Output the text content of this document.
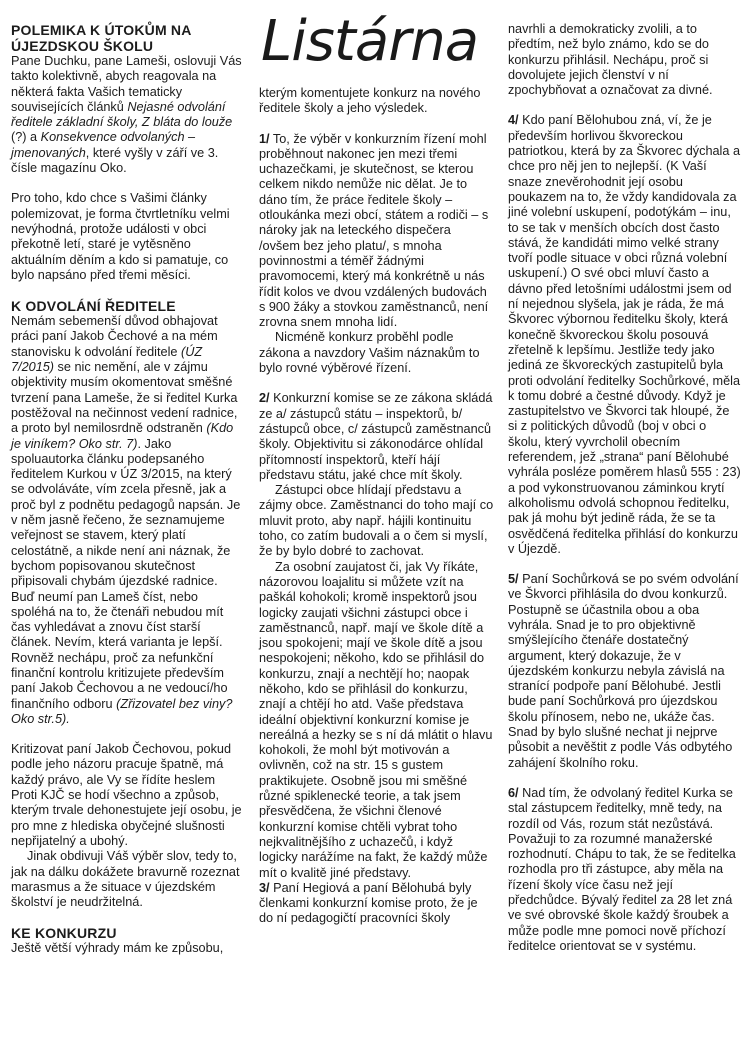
POLEMIKA K ÚTOKŮM NA ÚJEZDSKOU ŠKOLU

Pane Duchku, pane Lameši, oslovuji Vás takto kolektivně, abych reagovala na některá fakta Vašich tematicky souvisejících článků Nejasné odvolání ředitele základní školy, Z bláta do louže (?) a Konsekvence odvolaných – jmenovaných, které vyšly v září ve 3. čísle magazínu Oko.

Pro toho, kdo chce s Vašimi články polemizovat, je forma čtvrtletníku velmi nevýhodná, protože události v obci překotně letí, staré je vytěsněno aktuálním děním a kdo si pamatuje, co bylo napsáno před třemi měsíci.

K ODVOLÁNÍ ŘEDITELE

Nemám sebemenší důvod obhajovat práci paní Jakob Čechové a na mém stanovisku k odvolání ředitele (ÚZ 7/2015) se nic nemění, ale v zájmu objektivity musím okomentovat směšné tvrzení pana Lameše, že si ředitel Kurka postěžoval na nečinnost vedení radnice, a proto byl nemilosrdně odstraněn (Kdo je viníkem? Oko str. 7). Jako spoluautorka článku podepsaného ředitelem Kurkou v ÚZ 3/2015, na který se odvoláváte, vím zcela přesně, jak a proč byl z podnětu pedagogů napsán. Je v něm jasně řečeno, že seznamujeme veřejnost se stavem, který platí celostátně, a nikde není ani náznak, že bychom popisovanou skutečnost připisovali chybám újezdské radnice. Buď neumí pan Lameš číst, nebo spoléhá na to, že čtenáři nebudou mít čas vyhledávat a znovu číst starší článek. Nevím, která varianta je lepší. Rovněž nechápu, proč za nefunkční finanční kontrolu kritizujete především paní Jakob Čechovou a ne vedoucí/ho finančního odboru (Zřizovatel bez viny? Oko str.5).

Kritizovat paní Jakob Čechovou, pokud podle jeho názoru pracuje špatně, má každý právo, ale Vy se řídíte heslem Proti KJČ se hodí všechno a způsob, kterým trvale dehonestujete její osobu, je pro mne z hlediska obyčejné slušnosti nepřijatelný a ubohý.

Jinak obdivuji Váš výběr slov, tedy to, jak na dálku dokážete bravurně rozeznat marasmus a že situace v újezdském školství je neudržitelná.

KE KONKURZU

Ještě větší výhrady mám ke způsobu,

Listárna

kterým komentujete konkurz na nového ředitele školy a jeho výsledek.

1/ To, že výběr v konkurzním řízení mohl proběhnout nakonec jen mezi třemi uchazečkami, je skutečnost, se kterou celkem nikdo nemůže nic dělat. Je to dáno tím, že práce ředitele školy – otloukánka mezi obcí, státem a rodiči – s nároky jak na leteckého dispečera /ovšem bez jeho platu/, s mnoha povinnostmi a téměř žádnými pravomocemi, který má konkrétně u nás řídit kolos ve dvou vzdálených budovách s 900 žáky a stovkou zaměstnanců, není zrovna snem mnoha lidí.

Nicméně konkurz proběhl podle zákona a navzdory Vašim náznakům to bylo rovné výběrové řízení.

2/ Konkurzní komise se ze zákona skládá ze a/ zástupců státu – inspektorů, b/ zástupců obce, c/ zástupců zaměstnanců školy. Objektivitu si zákonodárce ohlídal přítomností inspektorů, kteří hájí představu státu, jaké chce mít školy.

Zástupci obce hlídají představu a zájmy obce. Zaměstnanci do toho mají co mluvit proto, aby např. hájili kontinuitu toho, co zatím budovali a o čem si myslí, že by bylo dobré to zachovat.

Za osobní zaujatost či, jak Vy říkáte, názorovou loajalitu si můžete vzít na paškál kohokoli; kromě inspektorů jsou logicky zaujati všichni zástupci obce i zaměstnanců, např. mají ve škole dítě a jsou spokojeni; mají ve škole dítě a jsou nespokojeni; někoho, kdo se přihlásil do konkurzu, znají a nechtějí ho; naopak někoho, kdo se přihlásil do konkurzu, znají a chtějí ho atd. Vaše představa ideální objektivní konkurzní komise je nereálná a hezky se s ní dá mlátit o hlavu kohokoli, že mohl být motivován a ovlivněn, což na str. 15 s gustem praktikujete. Osobně jsou mi směšné různé spiklenecké teorie, a tak jsem přesvědčena, že všichni členové konkurzní komise chtěli vybrat toho nejkvalitnějšího z uchazečů, i když logicky narážíme na fakt, že každý může mít o kvalitě jiné představy.

3/ Paní Hegiová a paní Bělohubá byly členkami konkurzní komise proto, že je do ní pedagogičtí pracovníci školy

navrhli a demokraticky zvolili, a to předtím, než bylo známo, kdo se do konkurzu přihlásil. Nechápu, proč si dovolujete jejich členství v ní zpochybňovat a označovat za divné.

4/ Kdo paní Bělohubou zná, ví, že je především horlivou škvoreckou patriotkou, která by za Škvorec dýchala a chce pro něj jen to nejlepší. (K Vaší snaze znevěrohodnit její osobu poukazem na to, že vždy kandidovala za jiné volební uskupení, podotýkám – inu, to se tak v menších obcích dost často stává, že kandidáti mimo velké strany tvoří podle situace v obci různá volební uskupení.) O své obci mluví často a dávno před letošními událostmi jsem od ní nejednou slyšela, jak je ráda, že má Škvorec výbornou ředitelku školy, která konečně škvoreckou školu posouvá zřetelně k lepšímu. Jestliže tedy jako jediná ze škvoreckých zastupitelů byla proti odvolání ředitelky Sochůrkové, měla k tomu dobré a čestné důvody. Když je zastupitelstvo ve Škvorci tak hloupé, že si z politických důvodů (boj v obci o školu, který vyvrcholil obecním referendem, jež „strana“ paní Bělohubé vyhrála posléze poměrem hlasů 555 : 23) a pod vykonstruovanou záminkou krytí alkoholismu odvolá schopnou ředitelku, pak já mohu být jedině ráda, že se ta osvědčená ředitelka přihlásí do konkurzu v Újezdě.

5/ Paní Sochůrková se po svém odvolání ve Škvorci přihlásila do dvou konkurzů. Postupně se účastnila obou a oba vyhrála. Snad je to pro objektivně smýšlejícího čtenáře dostatečný argument, který dokazuje, že v újezdském konkurzu nebyla závislá na stranící podpoře paní Bělohubé. Jestli bude paní Sochůrková pro újezdskou školu přínosem, nebo ne, ukáže čas. Snad by bylo slušné nechat ji nejprve působit a nevěštit z podle Vás odbytého zahájení školního roku.

6/ Nad tím, že odvolaný ředitel Kurka se stal zástupcem ředitelky, mně tedy, na rozdíl od Vás, rozum stát nezůstává. Považuji to za rozumné manažerské rozhodnutí. Chápu to tak, že se ředitelka rozhodla pro tři zástupce, aby měla na řízení školy více času než její předchůdce. Bývalý ředitel za 28 let zná ve své obrovské škole každý šroubek a může podle mne pomoci nově příchozí ředitelce orientovat se v systému.
